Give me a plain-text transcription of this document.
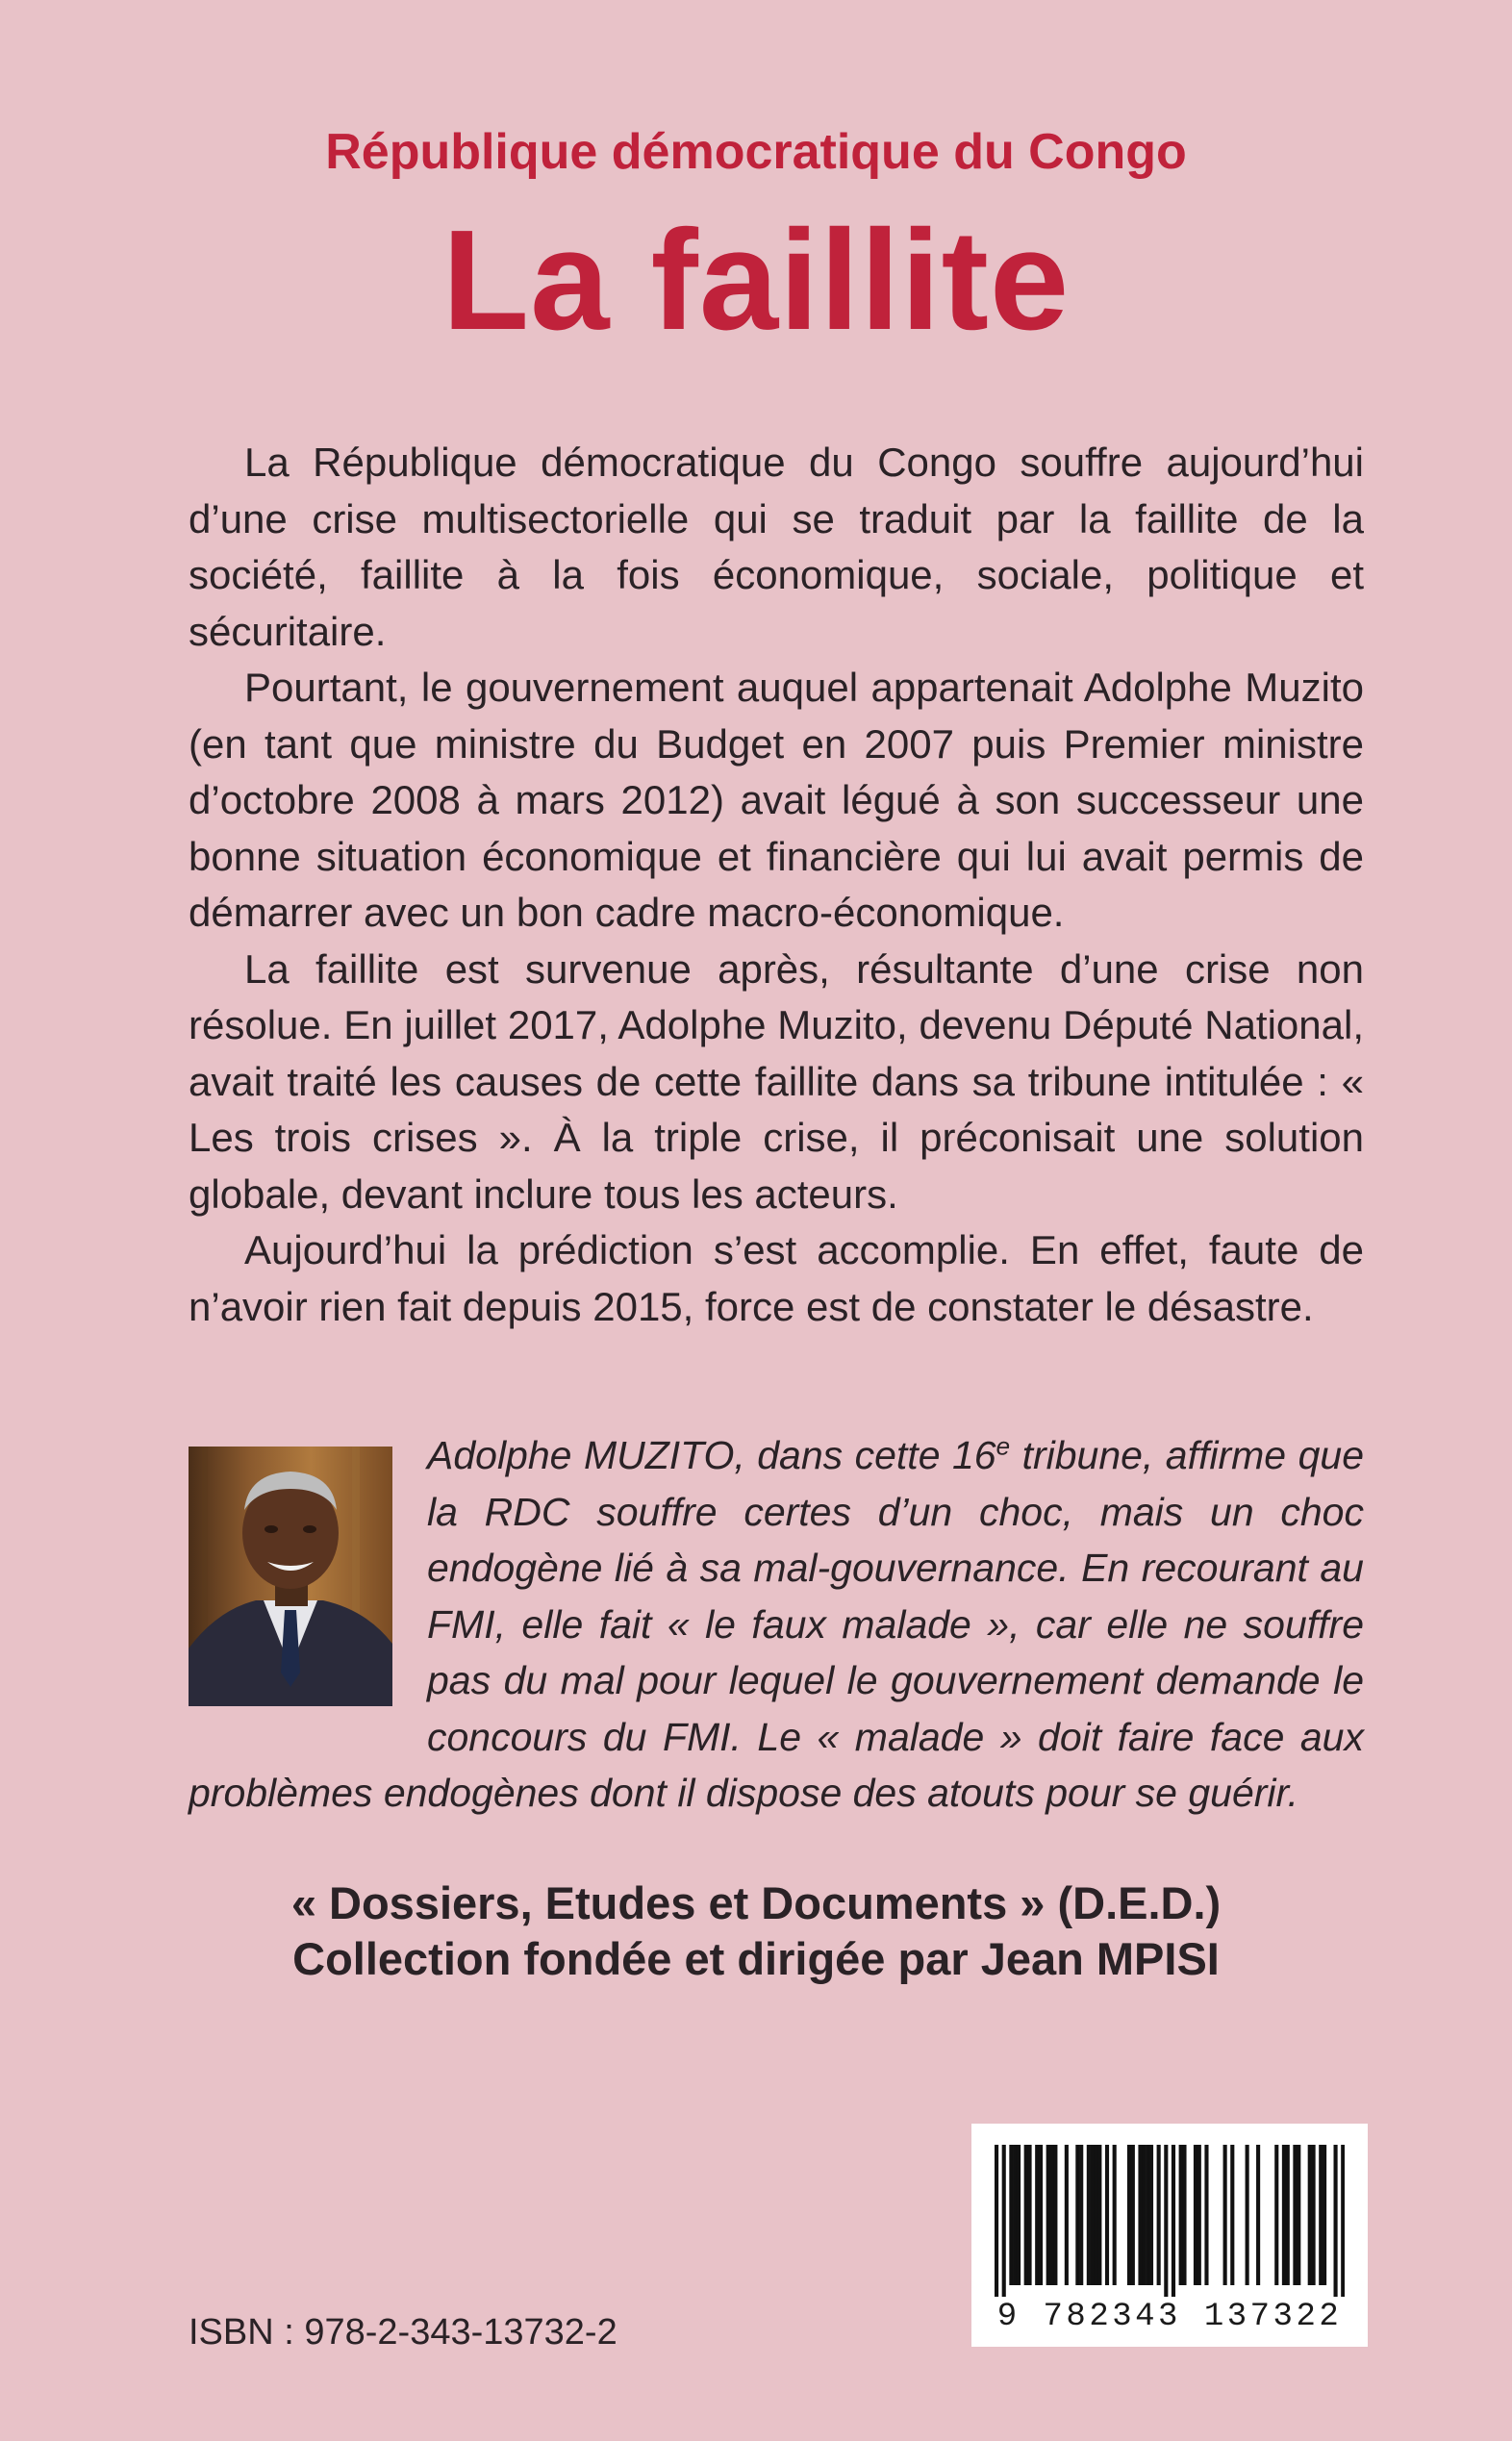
République démocratique du Congo
La faillite

La République démocratique du Congo souffre aujourd’hui d’une crise multisectorielle qui se traduit par la faillite de la société, faillite à la fois économique, sociale, politique et sécuritaire.

Pourtant, le gouvernement auquel appartenait Adolphe Muzito (en tant que ministre du Budget en 2007 puis Premier ministre d’octobre 2008 à mars 2012) avait légué à son successeur une bonne situation économique et financière qui lui avait permis de démarrer avec un bon cadre macro-économique.

La faillite est survenue après, résultante d’une crise non résolue. En juillet 2017, Adolphe Muzito, devenu Député National, avait traité les causes de cette faillite dans sa tribune intitulée : « Les trois crises ». À la triple crise, il préconisait une solution globale, devant inclure tous les acteurs.

Aujourd’hui la prédiction s’est accomplie. En effet, faute de n’avoir rien fait depuis 2015, force est de constater le désastre.

Adolphe MUZITO, dans cette 16e tribune, affirme que la RDC souffre certes d’un choc, mais un choc endogène lié à sa mal-gouvernance. En recourant au FMI, elle fait « le faux malade », car elle ne souffre pas du mal pour lequel le gouvernement demande le concours du FMI. Le « malade » doit faire face aux problèmes endogènes dont il dispose des atouts pour se guérir.
« Dossiers, Etudes et Documents » (D.E.D.)
Collection fondée et dirigée par Jean MPISI
9 782343 137322
ISBN : 978-2-343-13732-2
